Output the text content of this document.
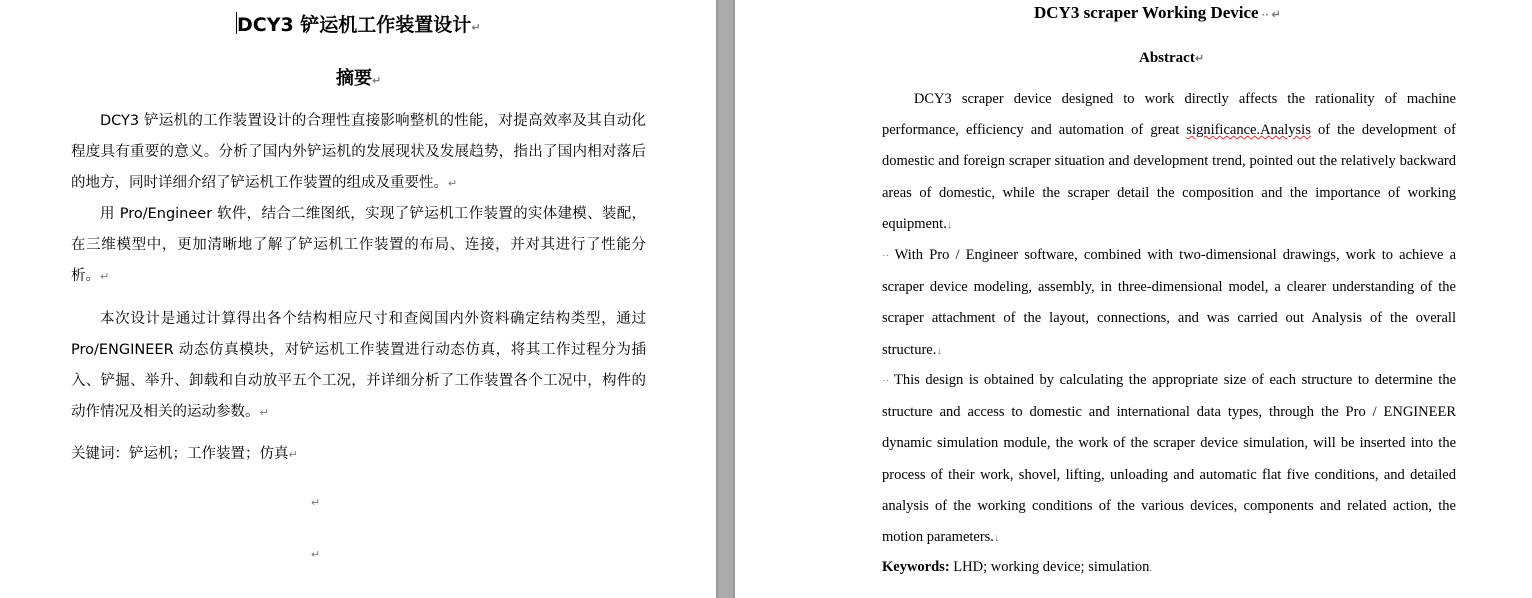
DCY3 铲运机工作装置设计↵
摘要↵

DCY3 铲运机的工作装置设计的合理性直接影响整机的性能，对提高效率及其自动化程度具有重要的意义。分析了国内外铲运机的发展现状及发展趋势，指出了国内相对落后的地方，同时详细介绍了铲运机工作装置的组成及重要性。↵

用 Pro/Engineer 软件，结合二维图纸，实现了铲运机工作装置的实体建模、装配，在三维模型中，更加清晰地了解了铲运机工作装置的布局、连接，并对其进行了性能分析。↵

本次设计是通过计算得出各个结构相应尺寸和查阅国内外资料确定结构类型，通过 Pro/ENGINEER 动态仿真模块，对铲运机工作装置进行动态仿真，将其工作过程分为插入、铲掘、举升、卸载和自动放平五个工况，并详细分析了工作装置各个工况中，构件的动作情况及相关的运动参数。↵

关键词：铲运机；工作装置；仿真↵
↵
↵
DCY3 scraper Working Device ·· ↵
Abstract↵

DCY3 scraper device designed to work directly affects the rationality of machine performance, efficiency and automation of great significance.Analysis of the development of domestic and foreign scraper situation and development trend, pointed out the relatively backward areas of domestic, while the scraper detail the composition and the importance of working equipment.↓

·· With Pro / Engineer software, combined with two-dimensional drawings, work to achieve a scraper device modeling, assembly, in three-dimensional model, a clearer understanding of the scraper attachment of the layout, connections, and was carried out Analysis of the overall structure.↓

·· This design is obtained by calculating the appropriate size of each structure to determine the structure and access to domestic and international data types, through the Pro / ENGINEER dynamic simulation module, the work of the scraper device simulation, will be inserted into the process of their work, shovel, lifting, unloading and automatic flat five conditions, and detailed analysis of the working conditions of the various devices, components and related action, the motion parameters.↓

Keywords: LHD; working device; simulation.
